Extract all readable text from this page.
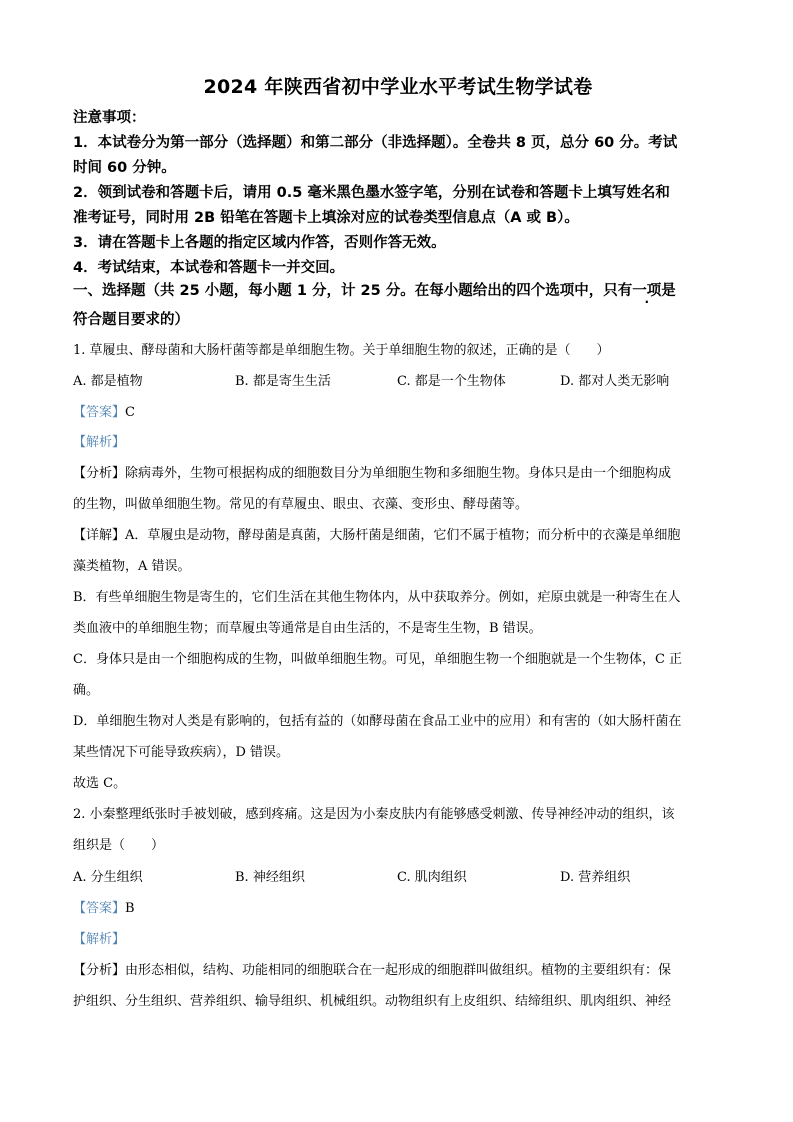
2024 年陕西省初中学业水平考试生物学试卷
注意事项：
1．本试卷分为第一部分（选择题）和第二部分（非选择题）。全卷共 8 页，总分 60 分。考试
时间 60 分钟。
2．领到试卷和答题卡后，请用 0.5 毫米黑色墨水签字笔，分别在试卷和答题卡上填写姓名和
准考证号，同时用 2B 铅笔在答题卡上填涂对应的试卷类型信息点（A 或 B）。
3．请在答题卡上各题的指定区域内作答，否则作答无效。
4．考试结束，本试卷和答题卡一并交回。
一、选择题（共 25 小题，每小题 1 分，计 25 分。在每小题给出的四个选项中，只有一项是
符合题目要求的）
1. 草履虫、酵母菌和大肠杆菌等都是单细胞生物。关于单细胞生物的叙述，正确的是（　　）
A. 都是植物	B. 都是寄生生活	C. 都是一个生物体	D. 都对人类无影响
【答案】C
【解析】
【分析】除病毒外，生物可根据构成的细胞数目分为单细胞生物和多细胞生物。身体只是由一个细胞构成
的生物，叫做单细胞生物。常见的有草履虫、眼虫、衣藻、变形虫、酵母菌等。
【详解】A．草履虫是动物，酵母菌是真菌，大肠杆菌是细菌，它们不属于植物；而分析中的衣藻是单细胞
藻类植物，A 错误。
B．有些单细胞生物是寄生的，它们生活在其他生物体内，从中获取养分。例如，疟原虫就是一种寄生在人
类血液中的单细胞生物；而草履虫等通常是自由生活的，不是寄生生物，B 错误。
C．身体只是由一个细胞构成的生物，叫做单细胞生物。可见，单细胞生物一个细胞就是一个生物体，C 正
确。
D．单细胞生物对人类是有影响的，包括有益的（如酵母菌在食品工业中的应用）和有害的（如大肠杆菌在
某些情况下可能导致疾病），D 错误。
故选 C。
2. 小秦整理纸张时手被划破，感到疼痛。这是因为小秦皮肤内有能够感受刺激、传导神经冲动的组织，该
组织是（　　）
A. 分生组织	B. 神经组织	C. 肌肉组织	D. 营养组织
【答案】B
【解析】
【分析】由形态相似，结构、功能相同的细胞联合在一起形成的细胞群叫做组织。植物的主要组织有：保
护组织、分生组织、营养组织、输导组织、机械组织。动物组织有上皮组织、结缔组织、肌肉组织、神经
